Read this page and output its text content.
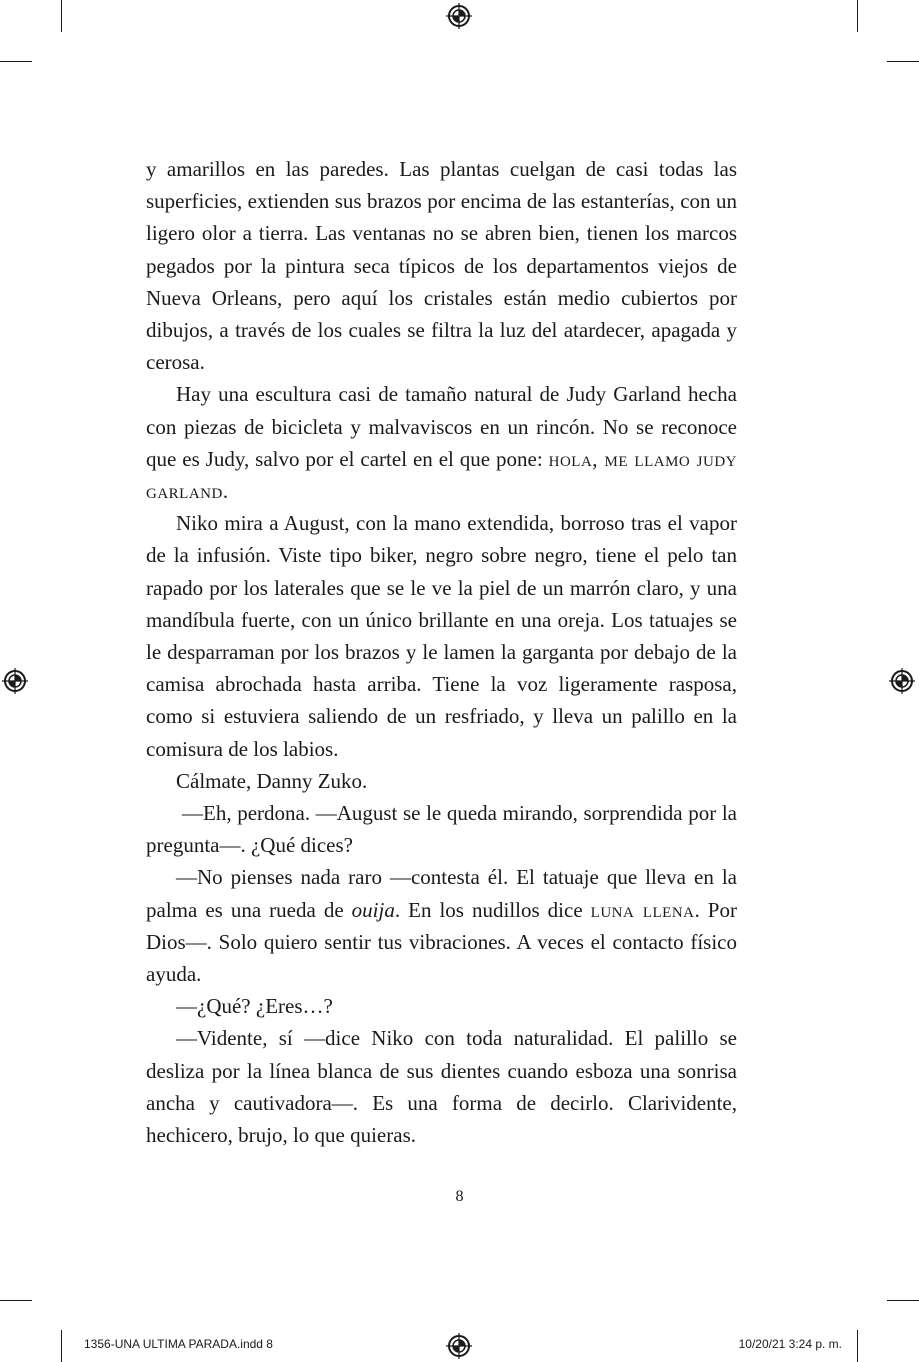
y amarillos en las paredes. Las plantas cuelgan de casi todas las superficies, extienden sus brazos por encima de las estanterías, con un ligero olor a tierra. Las ventanas no se abren bien, tienen los marcos pegados por la pintura seca típicos de los departamentos viejos de Nueva Orleans, pero aquí los cristales están medio cubiertos por dibujos, a través de los cuales se filtra la luz del atardecer, apagada y cerosa.

Hay una escultura casi de tamaño natural de Judy Garland hecha con piezas de bicicleta y malvaviscos en un rincón. No se reconoce que es Judy, salvo por el cartel en el que pone: hola, me llamo judy garland.

Niko mira a August, con la mano extendida, borroso tras el vapor de la infusión. Viste tipo biker, negro sobre negro, tiene el pelo tan rapado por los laterales que se le ve la piel de un marrón claro, y una mandíbula fuerte, con un único brillante en una oreja. Los tatuajes se le desparraman por los brazos y le lamen la garganta por debajo de la camisa abrochada hasta arriba. Tiene la voz ligeramente rasposa, como si estuviera saliendo de un resfriado, y lleva un palillo en la comisura de los labios.

Cálmate, Danny Zuko.

—Eh, perdona. —August se le queda mirando, sorprendida por la pregunta—. ¿Qué dices?

—No pienses nada raro —contesta él. El tatuaje que lleva en la palma es una rueda de ouija. En los nudillos dice luna llena. Por Dios—. Solo quiero sentir tus vibraciones. A veces el contacto físico ayuda.

—¿Qué? ¿Eres…?

—Vidente, sí —dice Niko con toda naturalidad. El palillo se desliza por la línea blanca de sus dientes cuando esboza una sonrisa ancha y cautivadora—. Es una forma de decirlo. Clarividente, hechicero, brujo, lo que quieras.

8
1356-UNA ULTIMA PARADA.indd 8	10/20/21 3:24 p. m.
